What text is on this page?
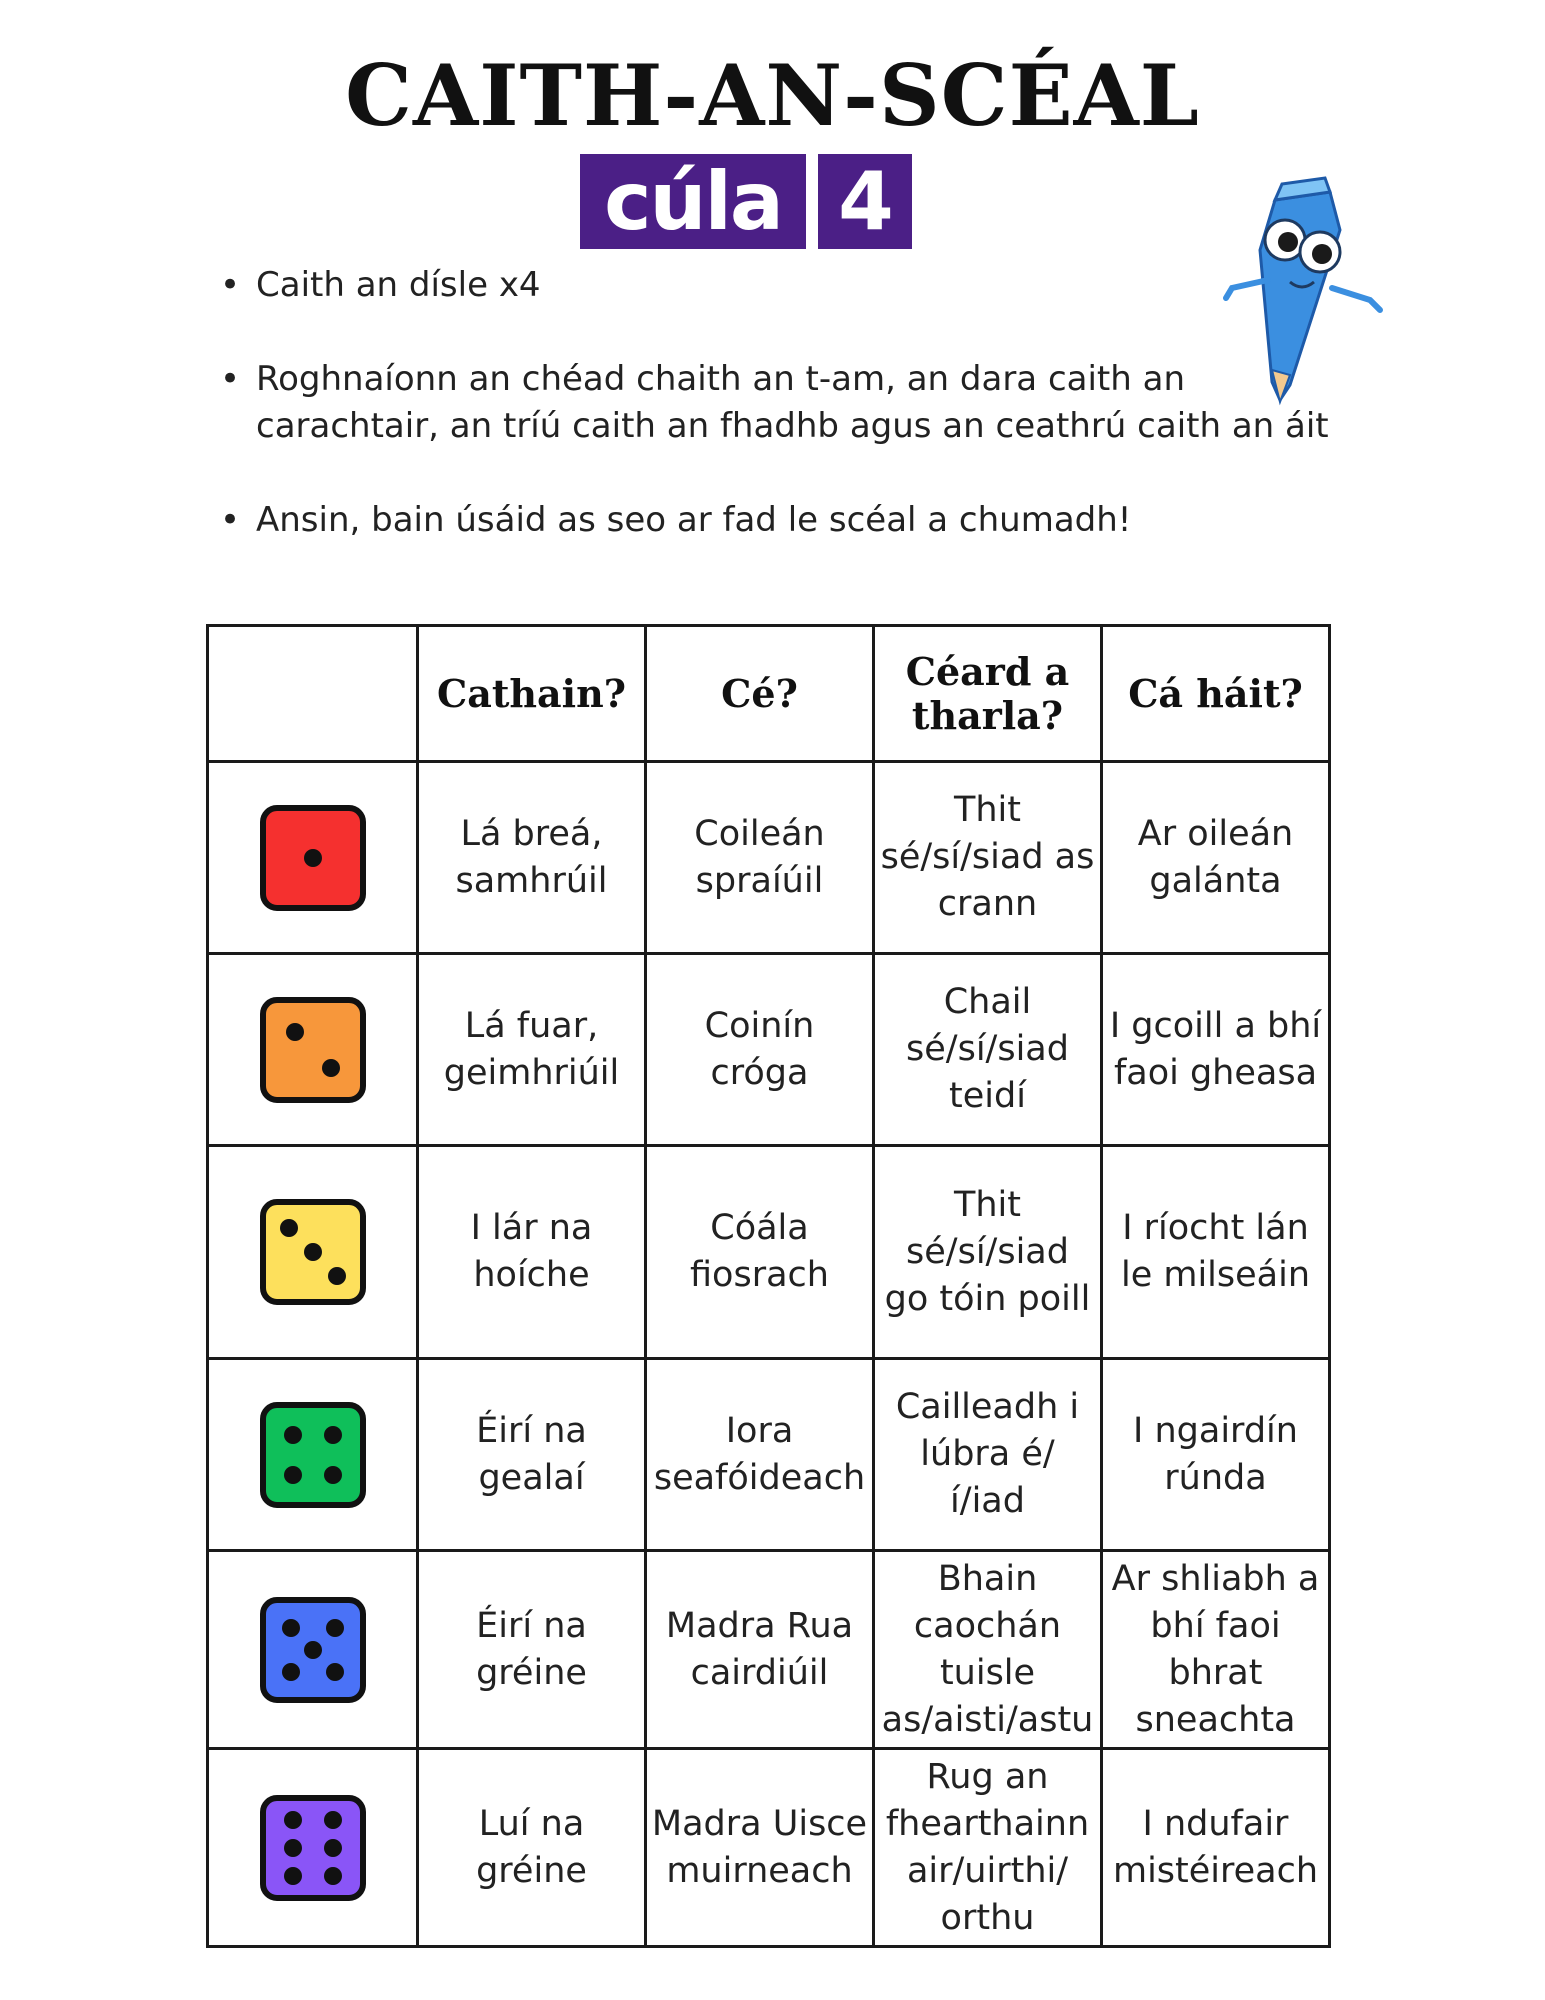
CAITH-AN-SCÉAL
cúla 4
• Caith an dísle x4
• Roghnaíonn an chéad chaith an t-am, an dara caith an carachtair, an tríú caith an fhadhb agus an ceathrú caith an áit
• Ansin, bain úsáid as seo ar fad le scéal a chumadh!
	Cathain?	Cé?	Céard a tharla?	Cá háit?

	Lá breá, samhrúil	Coileán spraíúil	Thit sé/sí/siad as crann	Ar oileán galánta

	Lá fuar, geimhriúil	Coinín cróga	Chail sé/sí/siad teidí	I gcoill a bhí faoi gheasa

	I lár na hoíche	Cóála fiosrach	Thit sé/sí/siad go tóin poill	I ríocht lán le milseáin

	Éirí na gealaí	Iora seafóideach	Cailleadh i lúbra é/ í/iad	I ngairdín rúnda

	Éirí na gréine	Madra Rua cairdiúil	Bhain caochán tuisle as/aisti/astu	Ar shliabh a bhí faoi bhrat sneachta

	Luí na gréine	Madra Uisce muirneach	Rug an fhearthainn air/uirthi/ orthu	I ndufair mistéireach
